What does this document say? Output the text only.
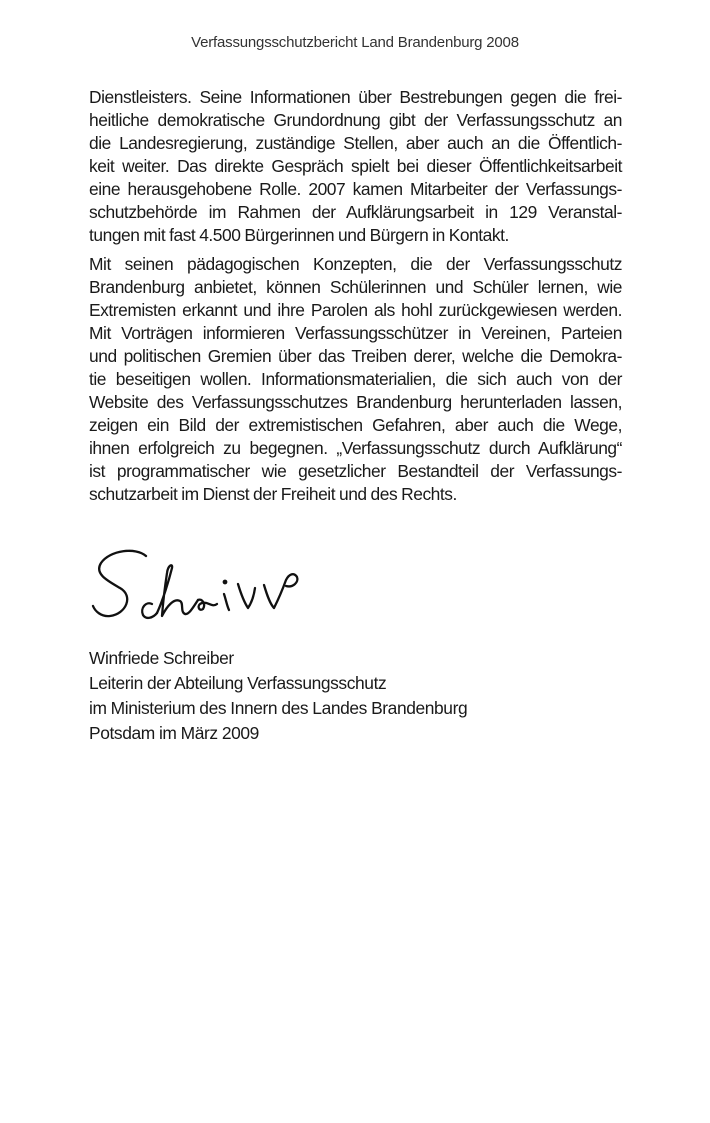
Verfassungsschutzbericht Land Brandenburg 2008

Dienstleisters. Seine Informationen über Bestrebungen gegen die frei-
heitliche demokratische Grundordnung gibt der Verfassungsschutz an
die Landesregierung, zuständige Stellen, aber auch an die Öffentlich-
keit weiter. Das direkte Gespräch spielt bei dieser Öffentlichkeitsarbeit
eine herausgehobene Rolle. 2007 kamen Mitarbeiter der Verfassungs-
schutzbehörde im Rahmen der Aufklärungsarbeit in 129 Veranstal-
tungen mit fast 4.500 Bürgerinnen und Bürgern in Kontakt.

Mit seinen pädagogischen Konzepten, die der Verfassungsschutz
Brandenburg anbietet, können Schülerinnen und Schüler lernen, wie
Extremisten erkannt und ihre Parolen als hohl zurückgewiesen werden.
Mit Vorträgen informieren Verfassungsschützer in Vereinen, Parteien
und politischen Gremien über das Treiben derer, welche die Demokra-
tie beseitigen wollen. Informationsmaterialien, die sich auch von der
Website des Verfassungsschutzes Brandenburg herunterladen lassen,
zeigen ein Bild der extremistischen Gefahren, aber auch die Wege,
ihnen erfolgreich zu begegnen. „Verfassungsschutz durch Aufklärung“
ist programmatischer wie gesetzlicher Bestandteil der Verfassungs-
schutzarbeit im Dienst der Freiheit und des Rechts.

Winfriede Schreiber
Leiterin der Abteilung Verfassungsschutz
im Ministerium des Innern des Landes Brandenburg
Potsdam im März 2009
